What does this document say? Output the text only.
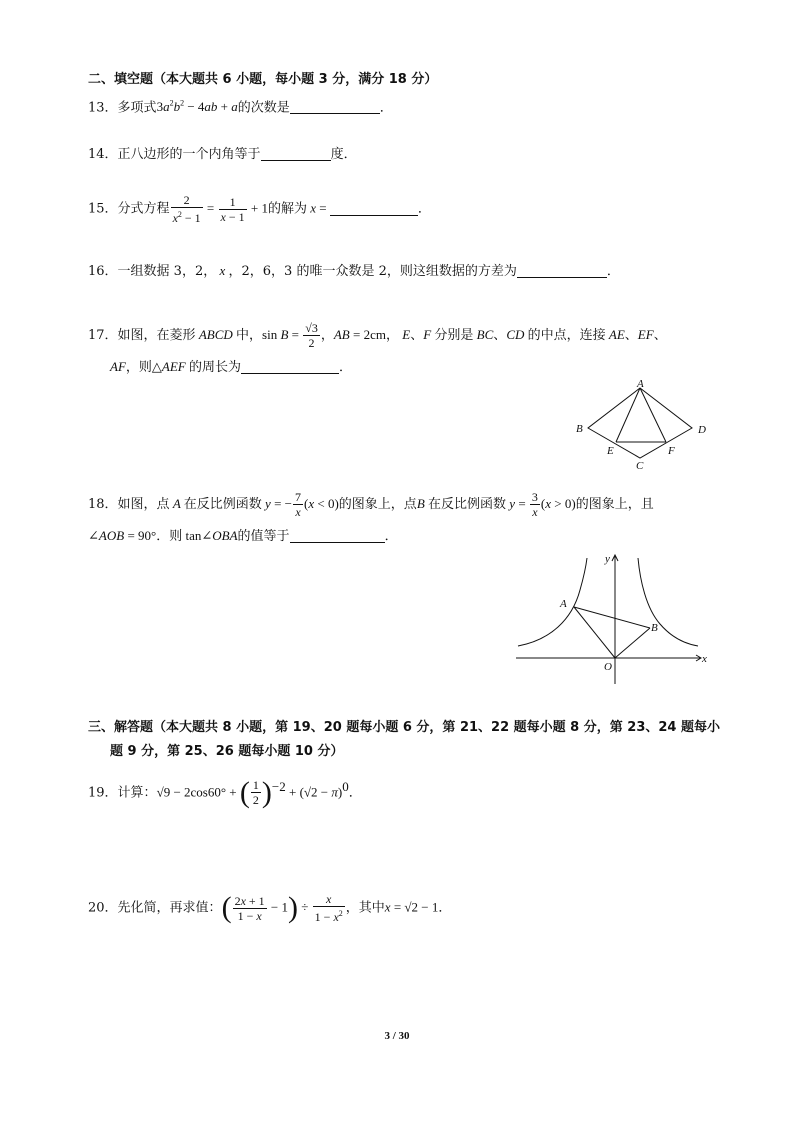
二、填空题（本大题共 6 小题，每小题 3 分，满分 18 分）
13．多项式$3a^2b^2 - 4ab + a$的次数是	．
14．正八边形的一个内角等于	度．
15．分式方程 $\frac{2}{x^2 - 1} = \frac{1}{x - 1} + 1$的解为 x =	．
16．一组数据 3，2， x ，2，6，3 的唯一众数是 2，则这组数据的方差为	．
17．如图，在菱形 ABCD 中，$\sin B = \frac{√3}{2}$ ，AB = 2cm， E、F 分别是 BC、CD 的中点，连接 AE、EF、
AF，则△AEF 的周长为	．
A
B
C
D
E	F
18．如图，点 A 在反比例函数 y = − $\frac{7}{x} (x < 0)$的图象上，点B 在反比例函数 $y = \frac{3}{x} (x > 0)$的图象上，且
∠AOB = 90°．则 tan∠OBA的值等于	．
y
x
O
A
B
三、解答题（本大题共 8 小题，第 19、20 题每小题 6 分，第 21、22 题每小题 8 分，第 23、24 题每小
题 9 分，第 25、26 题每小题 10 分）
19．计算：√9 − 2cos60° + ( $\frac{1}{2} )^{-2} + (√2 - \pi)^0$．
20．先化简，再求值：( $\frac{2x + 1}{1 - x} - 1) \div \frac{x}{1 - x^2}$ ，其中x = √2 − 1．
3 / 30
